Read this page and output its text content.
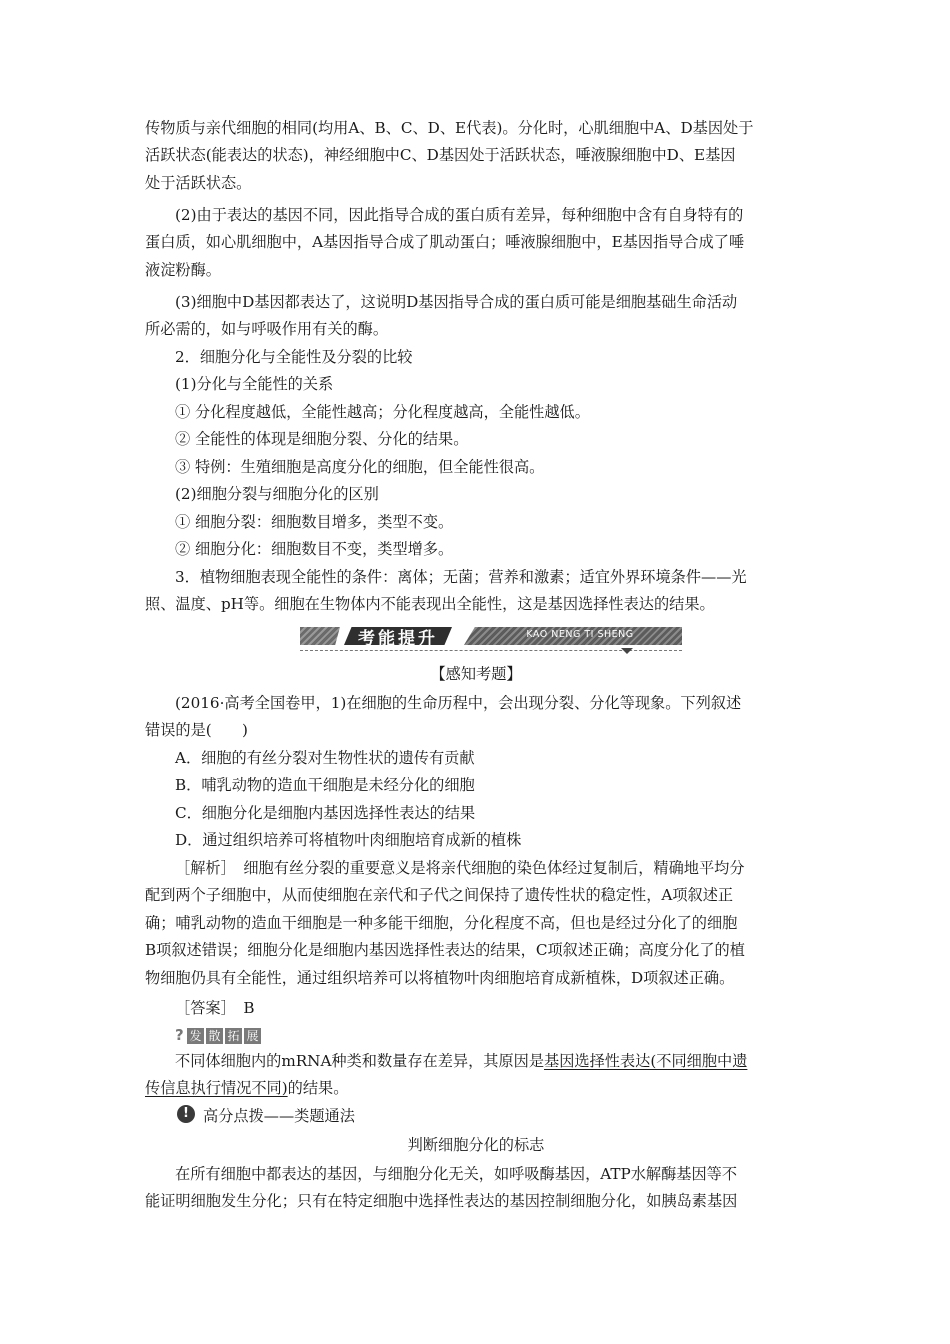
传物质与亲代细胞的相同(均用A、B、C、D、E代表)。分化时，心肌细胞中A、D基因处于
活跃状态(能表达的状态)，神经细胞中C、D基因处于活跃状态，唾液腺细胞中D、E基因
处于活跃状态。
(2)由于表达的基因不同，因此指导合成的蛋白质有差异，每种细胞中含有自身特有的
蛋白质，如心肌细胞中，A基因指导合成了肌动蛋白；唾液腺细胞中，E基因指导合成了唾
液淀粉酶。
(3)细胞中D基因都表达了，这说明D基因指导合成的蛋白质可能是细胞基础生命活动
所必需的，如与呼吸作用有关的酶。
2．细胞分化与全能性及分裂的比较
(1)分化与全能性的关系
① 分化程度越低，全能性越高；分化程度越高，全能性越低。
② 全能性的体现是细胞分裂、分化的结果。
③ 特例：生殖细胞是高度分化的细胞，但全能性很高。
(2)细胞分裂与细胞分化的区别
① 细胞分裂：细胞数目增多，类型不变。
② 细胞分化：细胞数目不变，类型增多。
3．植物细胞表现全能性的条件：离体；无菌；营养和激素；适宜外界环境条件——光
照、温度、pH等。细胞在生物体内不能表现出全能性，这是基因选择性表达的结果。
考能提升	KAO NENG TI SHENG
【感知考题】
(2016·高考全国卷甲，1)在细胞的生命历程中，会出现分裂、分化等现象。下列叙述
错误的是(　　)
A．细胞的有丝分裂对生物性状的遗传有贡献
B．哺乳动物的造血干细胞是未经分化的细胞
C．细胞分化是细胞内基因选择性表达的结果
D．通过组织培养可将植物叶肉细胞培育成新的植株
［解析］　细胞有丝分裂的重要意义是将亲代细胞的染色体经过复制后，精确地平均分
配到两个子细胞中，从而使细胞在亲代和子代之间保持了遗传性状的稳定性，A项叙述正
确；哺乳动物的造血干细胞是一种多能干细胞，分化程度不高，但也是经过分化了的细胞
B项叙述错误；细胞分化是细胞内基因选择性表达的结果，C项叙述正确；高度分化了的植
物细胞仍具有全能性，通过组织培养可以将植物叶肉细胞培育成新植株，D项叙述正确。
［答案］　B
? 发 散 拓 展
不同体细胞内的mRNA种类和数量存在差异，其原因是基因选择性表达(不同细胞中遗
传信息执行情况不同)的结果。
! 高分点拨——类题通法
判断细胞分化的标志
在所有细胞中都表达的基因，与细胞分化无关，如呼吸酶基因，ATP水解酶基因等不
能证明细胞发生分化；只有在特定细胞中选择性表达的基因控制细胞分化，如胰岛素基因
